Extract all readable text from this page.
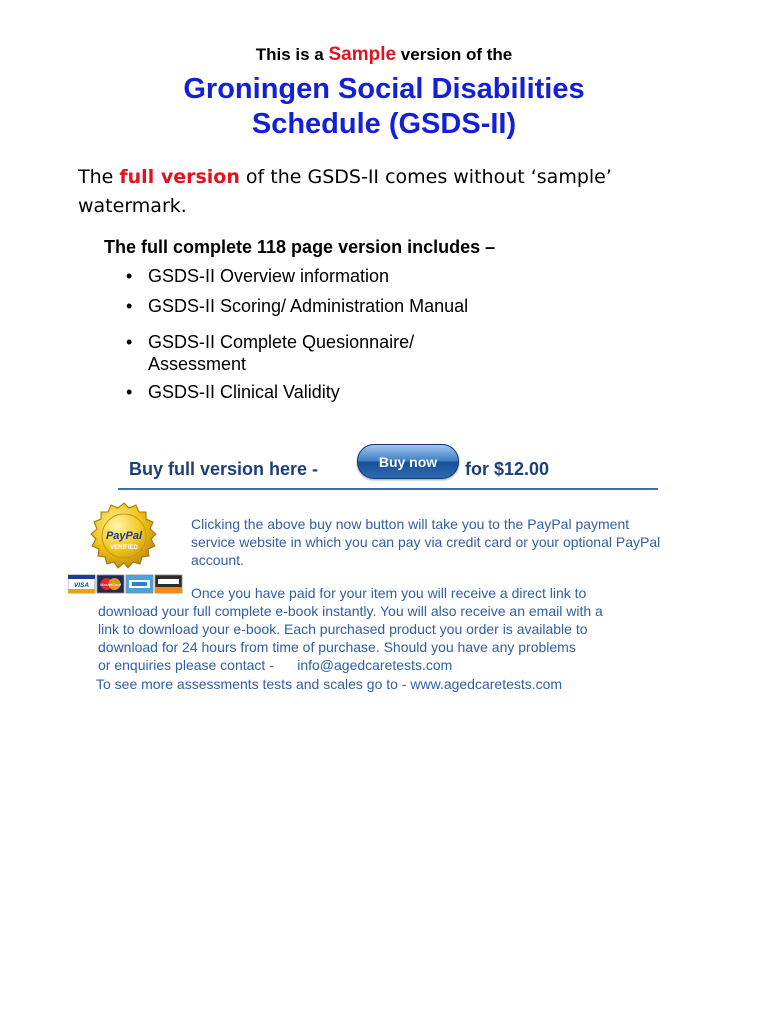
This is a Sample version of the
Groningen Social Disabilities
Schedule (GSDS-II)
The full version of the GSDS-II comes without ‘sample’ watermark.
The full complete 118 page version includes –
• GSDS-II Overview information
• GSDS-II Scoring/ Administration Manual
• GSDS-II Complete Quesionnaire/
Assessment
• GSDS-II Clinical Validity
Buy full version here -	Buy now	for $12.00
PayPal
VERIFIED
VISA	MasterCard
Clicking the above buy now button will take you to the PayPal payment service website in which you can pay via credit card or your optional PayPal account.
Once you have paid for your item you will receive a direct link to
download your full complete e-book instantly. You will also receive an email with a
link to download your e-book. Each purchased product you order is available to
download for 24 hours from time of purchase. Should you have any problems
or enquiries please contact -      info@agedcaretests.com
To see more assessments tests and scales go to - www.agedcaretests.com
